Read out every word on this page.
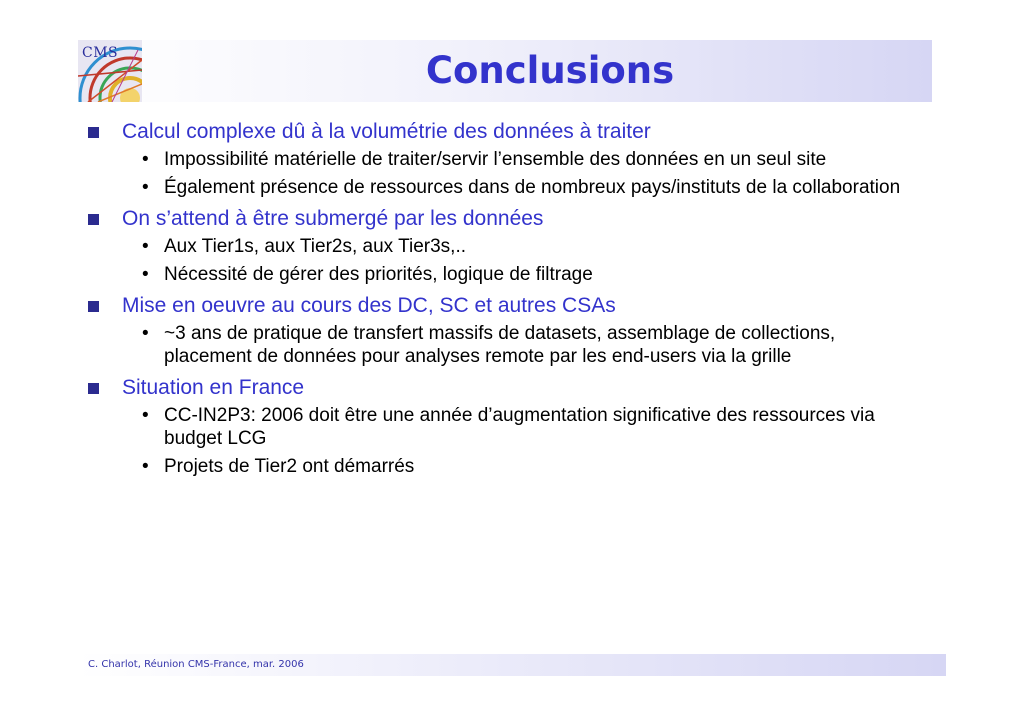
CMS	Conclusions
Calcul complexe dû à la volumétrie des données à traiter
• Impossibilité matérielle de traiter/servir l’ensemble des données en un seul site
• Également présence de ressources dans de nombreux pays/instituts de la collaboration
On s’attend à être submergé par les données
• Aux Tier1s, aux Tier2s, aux Tier3s,..
• Nécessité de gérer des priorités, logique de filtrage
Mise en oeuvre au cours des DC, SC et autres CSAs
• ~3 ans de pratique de transfert massifs de datasets, assemblage de collections, placement de données pour analyses remote par les end-users via la grille
Situation en France
• CC-IN2P3: 2006 doit être une année d’augmentation significative des ressources via budget LCG
• Projets de Tier2 ont démarrés
C. Charlot, Réunion CMS-France, mar. 2006
